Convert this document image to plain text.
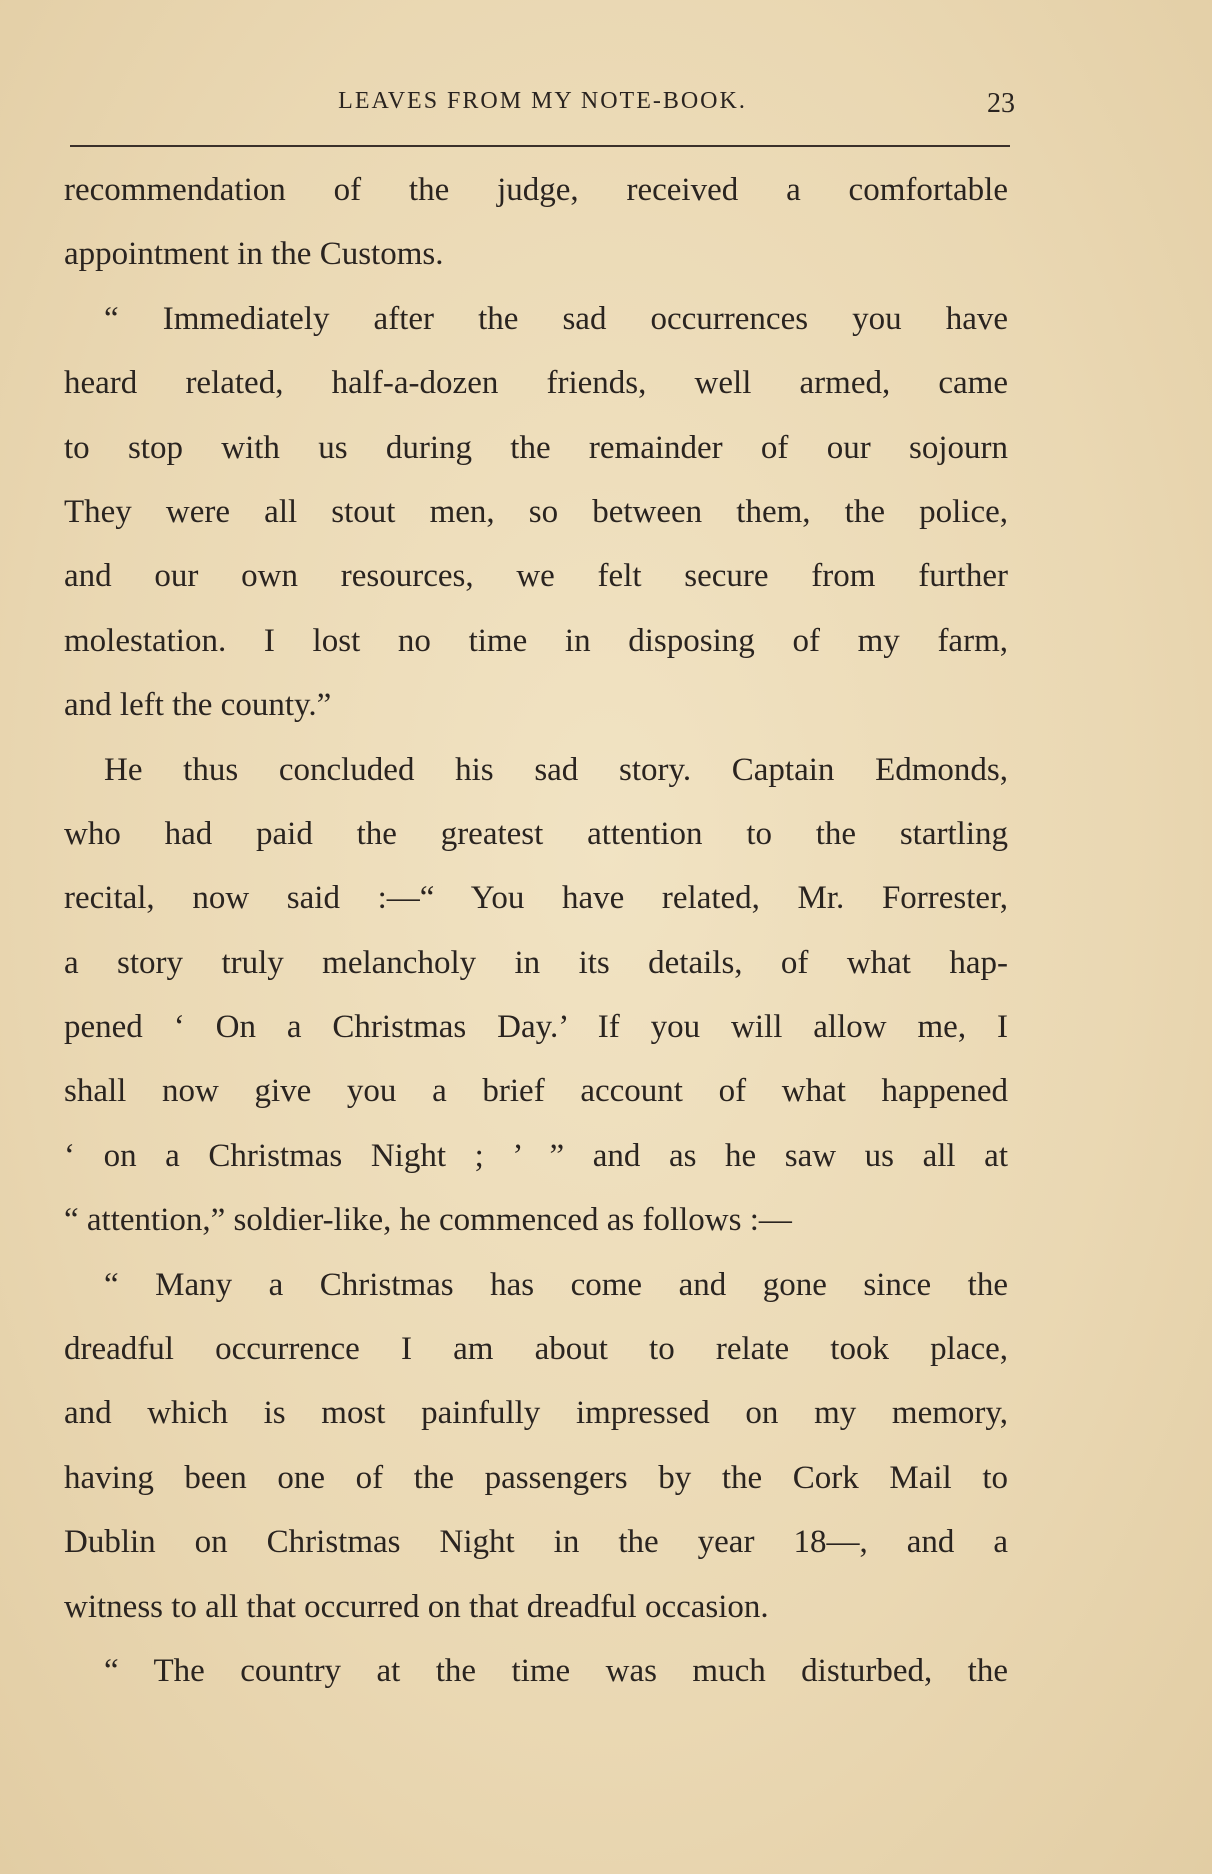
LEAVES FROM MY NOTE-BOOK.	23
recommendation of the judge, received a comfortable
appointment in the Customs.
“ Immediately after the sad occurrences you have
heard related, half-a-dozen friends, well armed, came
to stop with us during the remainder of our sojourn
They were all stout men, so between them, the police,
and our own resources, we felt secure from further
molestation. I lost no time in disposing of my farm,
and left the county.”
He thus concluded his sad story. Captain Edmonds,
who had paid the greatest attention to the startling
recital, now said :—“ You have related, Mr. Forrester,
a story truly melancholy in its details, of what hap-
pened ‘ On a Christmas Day.’ If you will allow me, I
shall now give you a brief account of what happened
‘ on a Christmas Night ; ’ ” and as he saw us all at
“ attention,” soldier-like, he commenced as follows :—
“ Many a Christmas has come and gone since the
dreadful occurrence I am about to relate took place,
and which is most painfully impressed on my memory,
having been one of the passengers by the Cork Mail to
Dublin on Christmas Night in the year 18—, and a
witness to all that occurred on that dreadful occasion.
“ The country at the time was much disturbed, the
